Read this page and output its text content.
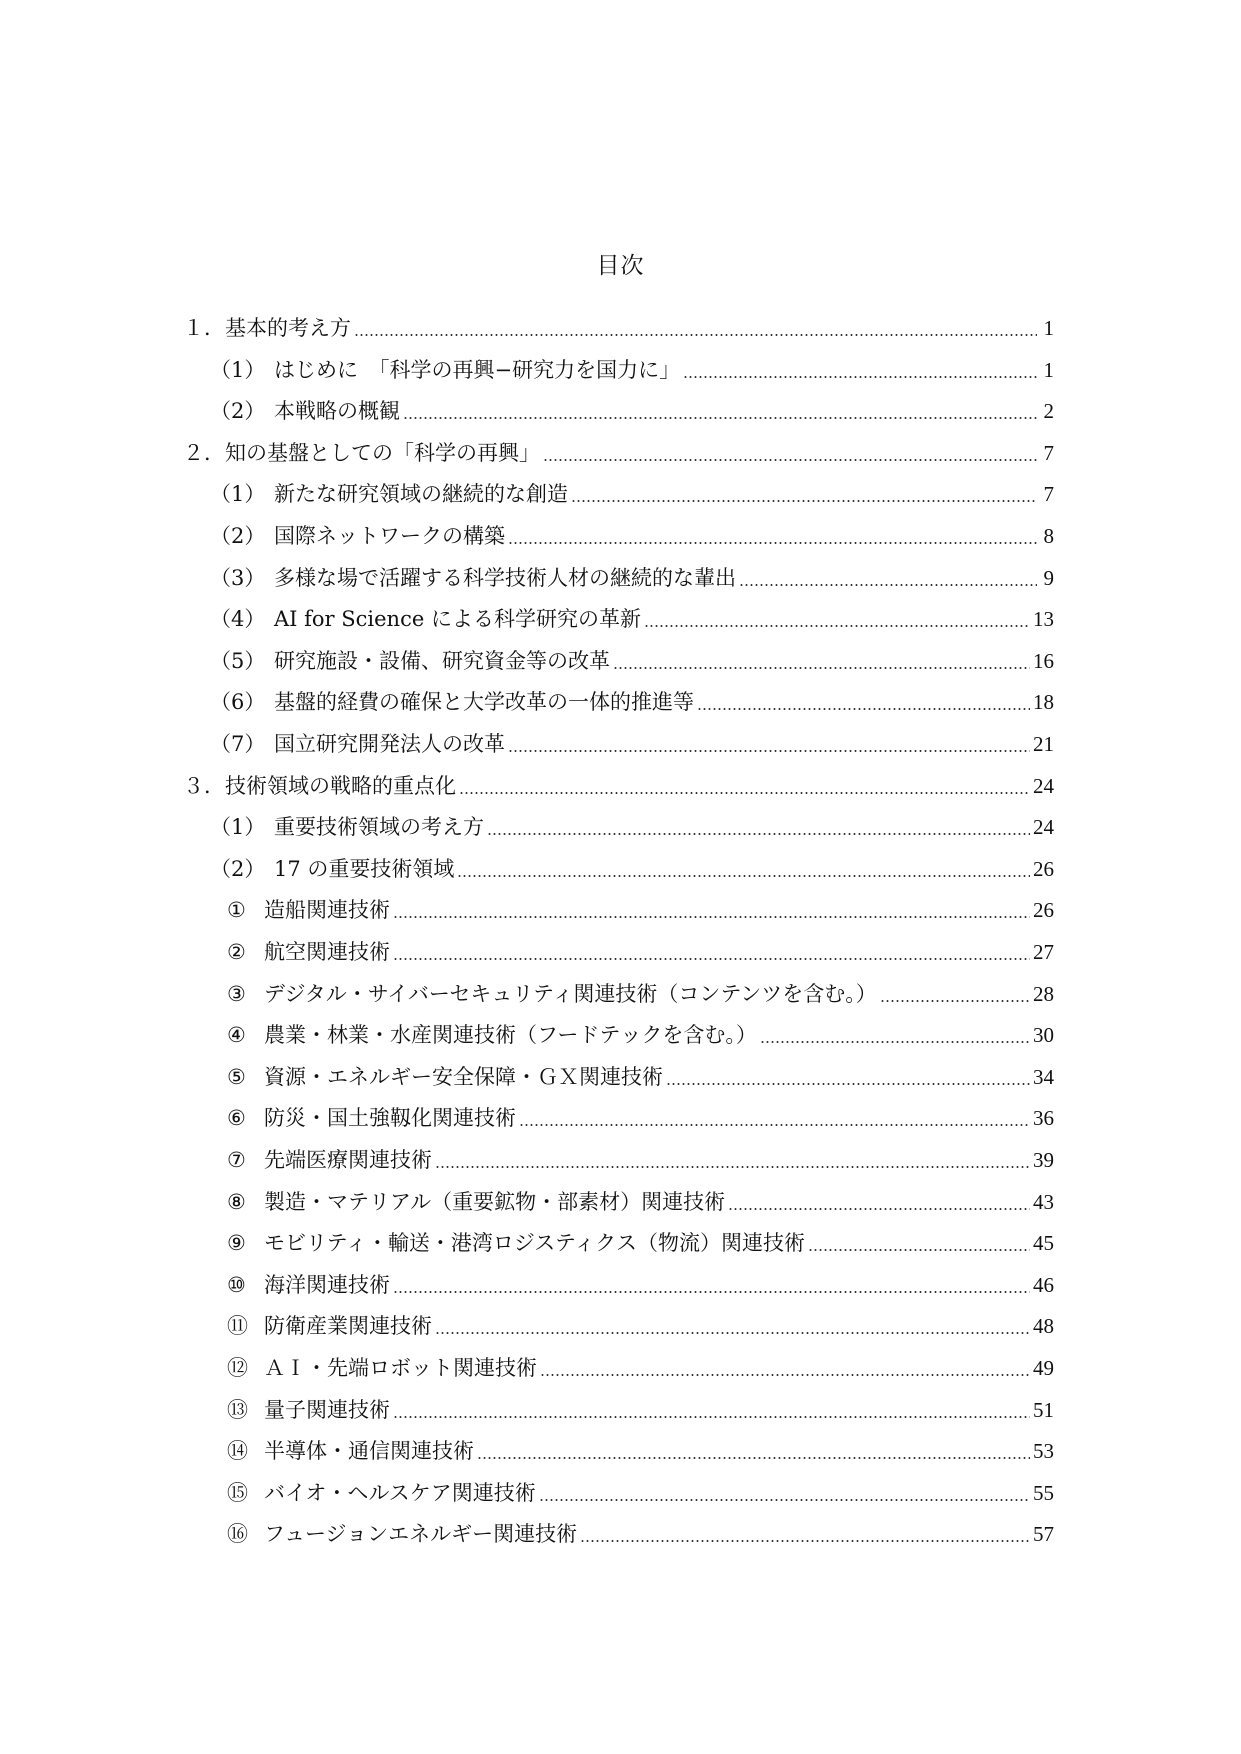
目次
１． 基本的考え方	1
（1） はじめに　「科学の再興−研究力を国力に」	1
（2） 本戦略の概観	2
２． 知の基盤としての「科学の再興」	7
（1） 新たな研究領域の継続的な創造	7
（2） 国際ネットワークの構築	8
（3） 多様な場で活躍する科学技術人材の継続的な輩出	9
（4） AI for Science による科学研究の革新	13
（5） 研究施設・設備、研究資金等の改革	16
（6） 基盤的経費の確保と大学改革の一体的推進等	18
（7） 国立研究開発法人の改革	21
３． 技術領域の戦略的重点化	24
（1） 重要技術領域の考え方	24
（2） 17 の重要技術領域	26
① 造船関連技術	26
② 航空関連技術	27
③ デジタル・サイバーセキュリティ関連技術（コンテンツを含む。）	28
④ 農業・林業・水産関連技術（フードテックを含む。）	30
⑤ 資源・エネルギー安全保障・ＧＸ関連技術	34
⑥ 防災・国土強靱化関連技術	36
⑦ 先端医療関連技術	39
⑧ 製造・マテリアル（重要鉱物・部素材）関連技術	43
⑨ モビリティ・輸送・港湾ロジスティクス（物流）関連技術	45
⑩ 海洋関連技術	46
⑪ 防衛産業関連技術	48
⑫ ＡＩ・先端ロボット関連技術	49
⑬ 量子関連技術	51
⑭ 半導体・通信関連技術	53
⑮ バイオ・ヘルスケア関連技術	55
⑯ フュージョンエネルギー関連技術	57
